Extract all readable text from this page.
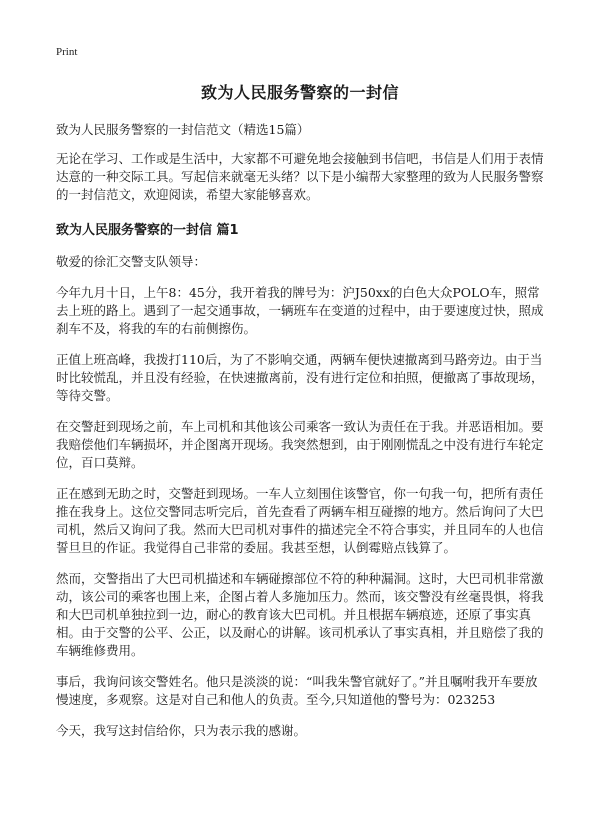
Print
致为人民服务警察的一封信
致为人民服务警察的一封信范文（精选15篇）

无论在学习、工作或是生活中，大家都不可避免地会接触到书信吧，书信是人们用于表情达意的一种交际工具。写起信来就毫无头绪？以下是小编帮大家整理的致为人民服务警察的一封信范文，欢迎阅读，希望大家能够喜欢。

致为人民服务警察的一封信 篇1

敬爱的徐汇交警支队领导：

今年九月十日，上午8：45分，我开着我的牌号为：沪J50xx的白色大众POLO车，照常去上班的路上。遇到了一起交通事故，一辆班车在变道的过程中，由于要速度过快，照成刹车不及，将我的车的右前侧擦伤。

正值上班高峰，我拨打110后，为了不影响交通，两辆车便快速撤离到马路旁边。由于当时比较慌乱，并且没有经验，在快速撤离前，没有进行定位和拍照，便撤离了事故现场，等待交警。

在交警赶到现场之前，车上司机和其他该公司乘客一致认为责任在于我。并恶语相加。要我赔偿他们车辆损坏，并企图离开现场。我突然想到，由于刚刚慌乱之中没有进行车轮定位，百口莫辩。

正在感到无助之时，交警赶到现场。一车人立刻围住该警官，你一句我一句，把所有责任推在我身上。这位交警同志听完后，首先查看了两辆车相互碰擦的地方。然后询问了大巴司机，然后又询问了我。然而大巴司机对事件的描述完全不符合事实，并且同车的人也信誓旦旦的作证。我觉得自己非常的委屈。我甚至想，认倒霉赔点钱算了。

然而，交警指出了大巴司机描述和车辆碰擦部位不符的种种漏洞。这时，大巴司机非常激动，该公司的乘客也围上来，企图占着人多施加压力。然而，该交警没有丝毫畏惧，将我和大巴司机单独拉到一边，耐心的教育该大巴司机。并且根据车辆痕迹，还原了事实真相。由于交警的公平、公正，以及耐心的讲解。该司机承认了事实真相，并且赔偿了我的车辆维修费用。

事后，我询问该交警姓名。他只是淡淡的说：“叫我朱警官就好了。”并且嘱咐我开车要放慢速度，多观察。这是对自己和他人的负责。至今,只知道他的警号为：023253

今天，我写这封信给你，只为表示我的感谢。
